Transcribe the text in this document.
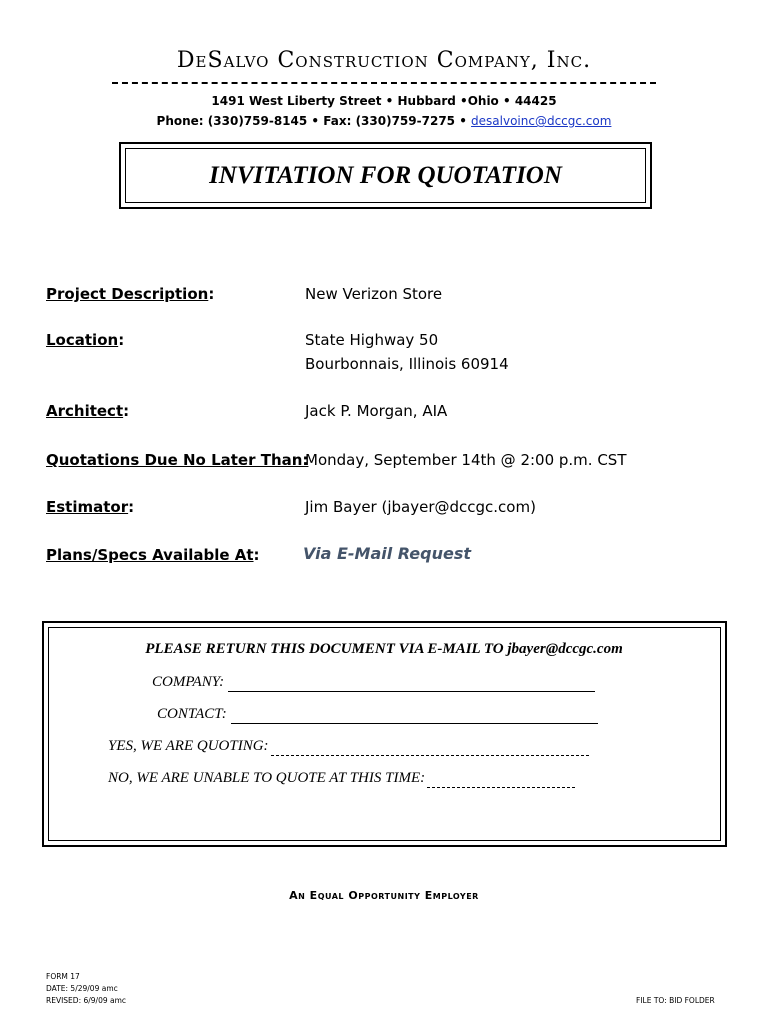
DeSalvo Construction Company, Inc.
1491 West Liberty Street • Hubbard •Ohio • 44425
Phone: (330)759-8145 • Fax: (330)759-7275 • desalvoinc@dccgc.com
INVITATION FOR QUOTATION
Project Description:	New Verizon Store
Location:	State Highway 50
Bourbonnais, Illinois 60914
Architect:	Jack P. Morgan, AIA
Quotations Due No Later Than:
Monday, September 14th @ 2:00 p.m. CST
Estimator:	Jim Bayer (jbayer@dccgc.com)
Plans/Specs Available At:	Via E-Mail Request
PLEASE RETURN THIS DOCUMENT VIA E-MAIL TO jbayer@dccgc.com
COMPANY:
CONTACT:
YES, WE ARE QUOTING:
NO, WE ARE UNABLE TO QUOTE AT THIS TIME:
An Equal Opportunity Employer
FORM 17
DATE: 5/29/09 amc
REVISED: 6/9/09 amc	FILE TO: BID FOLDER
